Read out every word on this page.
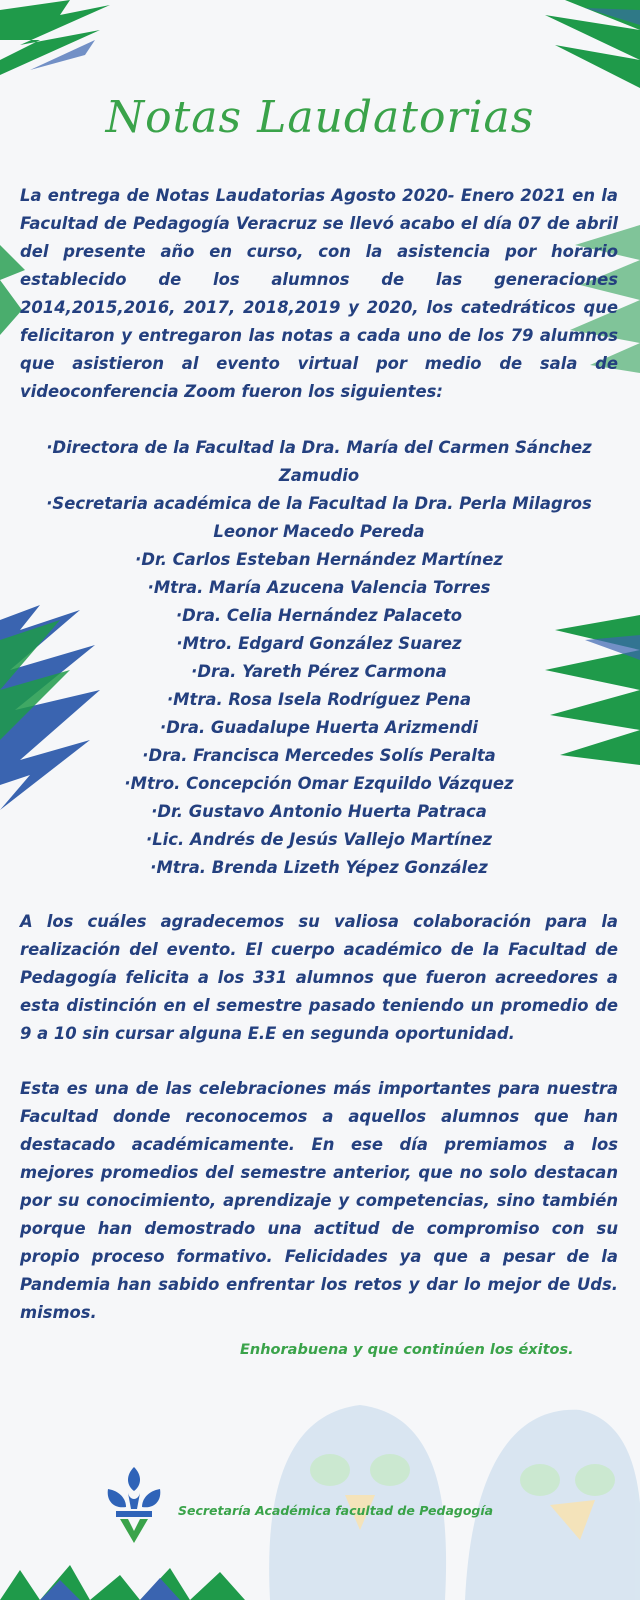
Notas Laudatorias

La entrega de Notas Laudatorias Agosto 2020- Enero 2021 en la Facultad de Pedagogía Veracruz se llevó acabo el día 07 de abril del presente año en curso, con la asistencia por horario establecido de los alumnos de las generaciones 2014,2015,2016, 2017, 2018,2019 y 2020, los catedráticos que felicitaron y entregaron las notas a cada uno de los 79 alumnos que asistieron al evento virtual por medio de sala de videoconferencia Zoom fueron los siguientes:

·Directora de la Facultad la Dra. María del Carmen Sánchez Zamudio
·Secretaria académica de la Facultad la Dra. Perla Milagros Leonor Macedo Pereda
·Dr. Carlos Esteban Hernández Martínez
·Mtra. María Azucena Valencia Torres
·Dra. Celia Hernández Palaceto
·Mtro. Edgard González Suarez
·Dra. Yareth Pérez Carmona
·Mtra. Rosa Isela Rodríguez Pena
·Dra. Guadalupe Huerta Arizmendi
·Dra. Francisca Mercedes Solís Peralta
·Mtro. Concepción Omar Ezquildo Vázquez
·Dr. Gustavo Antonio Huerta Patraca
·Lic. Andrés de Jesús Vallejo Martínez
·Mtra. Brenda Lizeth Yépez González

A los cuáles agradecemos su valiosa colaboración para la realización del evento. El cuerpo académico de la Facultad de Pedagogía felicita a los 331 alumnos que fueron acreedores a esta distinción en el semestre pasado teniendo un promedio de 9 a 10 sin cursar alguna E.E en segunda oportunidad.

Esta es una de las celebraciones más importantes para nuestra Facultad donde reconocemos a aquellos alumnos que han destacado académicamente. En ese día premiamos a los mejores promedios del semestre anterior, que no solo destacan por su conocimiento, aprendizaje y competencias, sino también porque han demostrado una actitud de compromiso con su propio proceso formativo. Felicidades ya que a pesar de la Pandemia han sabido enfrentar los retos y dar lo mejor de Uds. mismos.

Enhorabuena y que continúen los éxitos.
Secretaría Académica facultad de Pedagogía
